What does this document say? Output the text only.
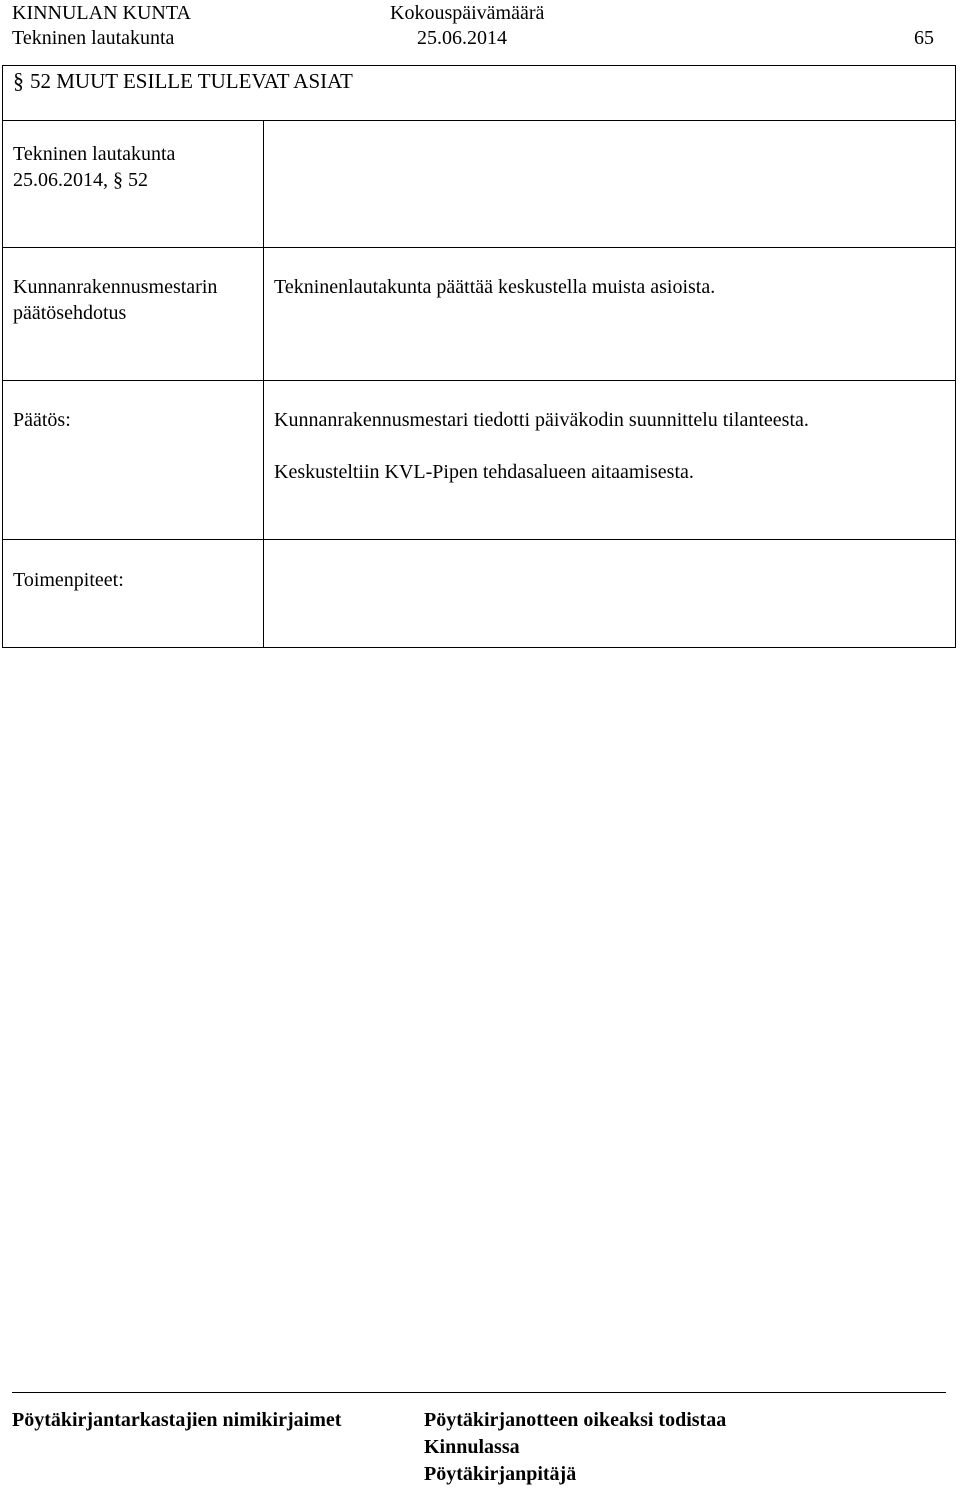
KINNULAN KUNTA	Kokouspäivämäärä
Tekninen lautakunta	25.06.2014	65
§ 52 MUUT ESILLE TULEVAT ASIAT	

Tekninen lautakunta
25.06.2014, § 52	

Kunnanrakennusmestarin
päätösehdotus	Tekninenlautakunta päättää keskustella muista asioista.

Päätös:	Kunnanrakennusmestari tiedotti päiväkodin suunnittelu tilanteesta.
Keskusteltiin KVL-Pipen tehdasalueen aitaamisesta.

Toimenpiteet:	

Pöytäkirjantarkastajien nimikirjaimet	Pöytäkirjanotteen oikeaksi todistaa
Kinnulassa
Pöytäkirjanpitäjä
